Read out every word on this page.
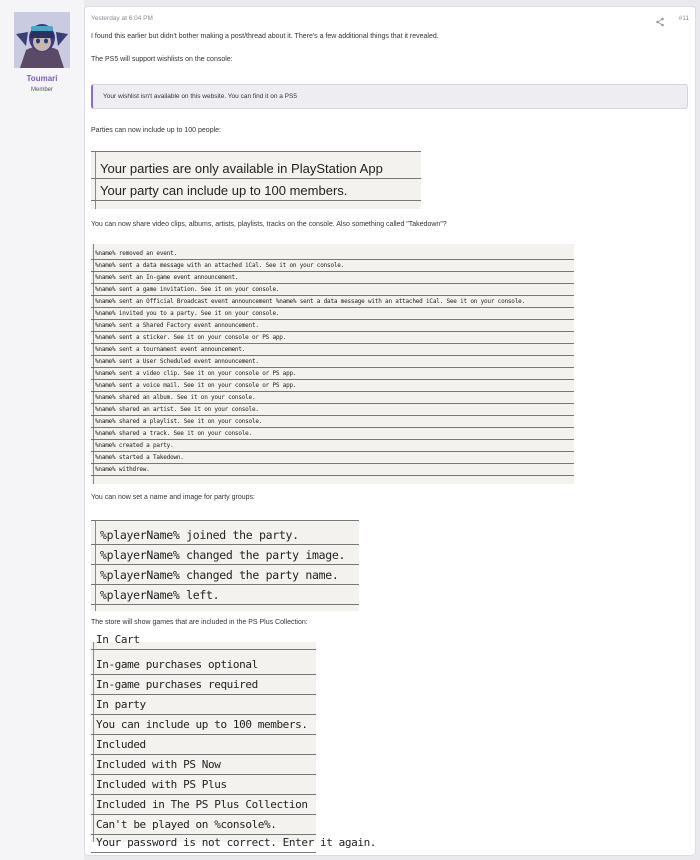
Toumari
Member
Yesterday at 6:04 PM	#11
I found this earlier but didn't bother making a post/thread about it. There's a few additional things that it revealed.
The PS5 will support wishlists on the console:
Your wishlist isn't available on this website. You can find it on a PS5
Parties can now include up to 100 people:
Your parties are only available in PlayStation App
Your party can include up to 100 members.
You can now share video clips, albums, artists, playlists, tracks on the console. Also something called "Takedown"?
%name% removed an event.
%name% sent a data message with an attached iCal. See it on your console.
%name% sent an In-game event announcement.
%name% sent a game invitation. See it on your console.
%name% sent an Official Broadcast event announcement %name% sent a data message with an attached iCal. See it on your console.
%name% invited you to a party. See it on your console.
%name% sent a Shared Factory event announcement.
%name% sent a sticker. See it on your console or PS app.
%name% sent a tournament event announcement.
%name% sent a User Scheduled event announcement.
%name% sent a video clip. See it on your console or PS app.
%name% sent a voice mail. See it on your console or PS app.
%name% shared an album. See it on your console.
%name% shared an artist. See it on your console.
%name% shared a playlist. See it on your console.
%name% shared a track. See it on your console.
%name% created a party.
%name% started a Takedown.
%name% withdrew.
You can now set a name and image for party groups:
%playerName% joined the party.
%playerName% changed the party image.
%playerName% changed the party name.
%playerName% left.
The store will show games that are included in the PS Plus Collection:
In Cart
In-game purchases optional
In-game purchases required
In party
You can include up to 100 members.
Included
Included with PS Now
Included with PS Plus
Included in The PS Plus Collection
Can't be played on %console%.
Your password is not correct. Enter it again.
